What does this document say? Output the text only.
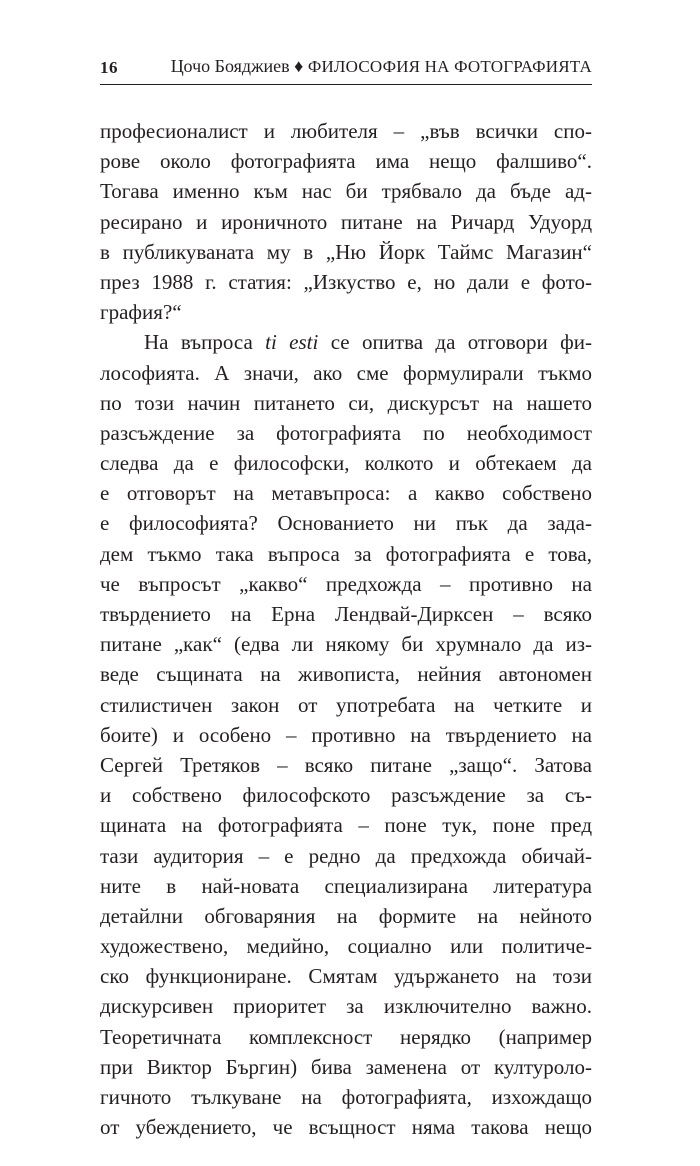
16	Цочо Бояджиев ♦ ФИЛОСОФИЯ НА ФОТОГРАФИЯТА
професионалист и любителя – „във всички спо-
рове около фотографията има нещо фалшиво“.
Тогава именно към нас би трябвало да бъде ад-
ресирано и ироничното питане на Ричард Удуорд
в публикуваната му в „Ню Йорк Таймс Магазин“
през 1988 г. статия: „Изкуство е, но дали е фото-
графия?“
На въпроса ti esti се опитва да отговори фи-
лософията. А значи, ако сме формулирали тъкмо
по този начин питането си, дискурсът на нашето
разсъждение за фотографията по необходимост
следва да е философски, колкото и обтекаем да
е отговорът на метавъпроса: а какво собствено
е философията? Основанието ни пък да зада-
дем тъкмо така въпроса за фотографията е това,
че въпросът „какво“ предхожда – противно на
твърдението на Ерна Лендвай-Дирксен – всяко
питане „как“ (едва ли някому би хрумнало да из-
веде същината на живописта, нейния автономен
стилистичен закон от употребата на четките и
боите) и особено – противно на твърдението на
Сергей Третяков – всяко питане „защо“. Затова
и собствено философското разсъждение за съ-
щината на фотографията – поне тук, поне пред
тази аудитория – е редно да предхожда обичай-
ните в най-новата специализирана литература
детайлни обговаряния на формите на нейното
художествено, медийно, социално или политиче-
ско функциониране. Смятам удържането на този
дискурсивен приоритет за изключително важно.
Теоретичната комплексност нерядко (например
при Виктор Бъргин) бива заменена от културоло-
гичното тълкуване на фотографията, изхождащо
от убеждението, че всъщност няма такова нещо
